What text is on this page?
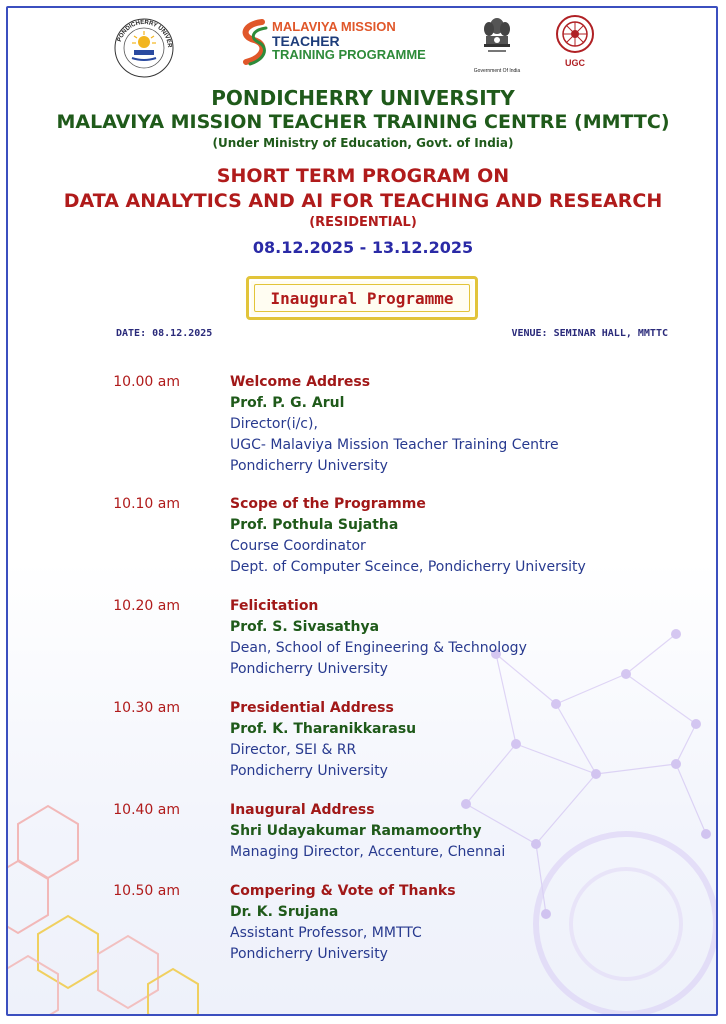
PONDICHERRY UNIVER
MALAVIYA MISSION
TEACHER
TRAINING PROGRAMME
Government Of India
UGC
PONDICHERRY UNIVERSITY
MALAVIYA MISSION TEACHER TRAINING CENTRE (MMTTC)
(Under Ministry of Education, Govt. of India)
SHORT TERM PROGRAM ON
DATA ANALYTICS AND AI FOR TEACHING AND RESEARCH
(RESIDENTIAL)
08.12.2025 - 13.12.2025
Inaugural Programme
DATE: 08.12.2025	VENUE: SEMINAR HALL, MMTTC
10.00 am	Welcome Address
Prof. P. G. Arul
Director(i/c),
UGC- Malaviya Mission Teacher Training Centre
Pondicherry University
10.10 am	Scope of the Programme
Prof. Pothula Sujatha
Course Coordinator
Dept. of Computer Sceince, Pondicherry University
10.20 am	Felicitation
Prof. S. Sivasathya
Dean, School of Engineering & Technology
Pondicherry University
10.30 am	Presidential Address
Prof. K. Tharanikkarasu
Director, SEI & RR
Pondicherry University
10.40 am	Inaugural Address
Shri Udayakumar Ramamoorthy
Managing Director, Accenture, Chennai
10.50 am	Compering & Vote of Thanks
Dr. K. Srujana
Assistant Professor, MMTTC
Pondicherry University
